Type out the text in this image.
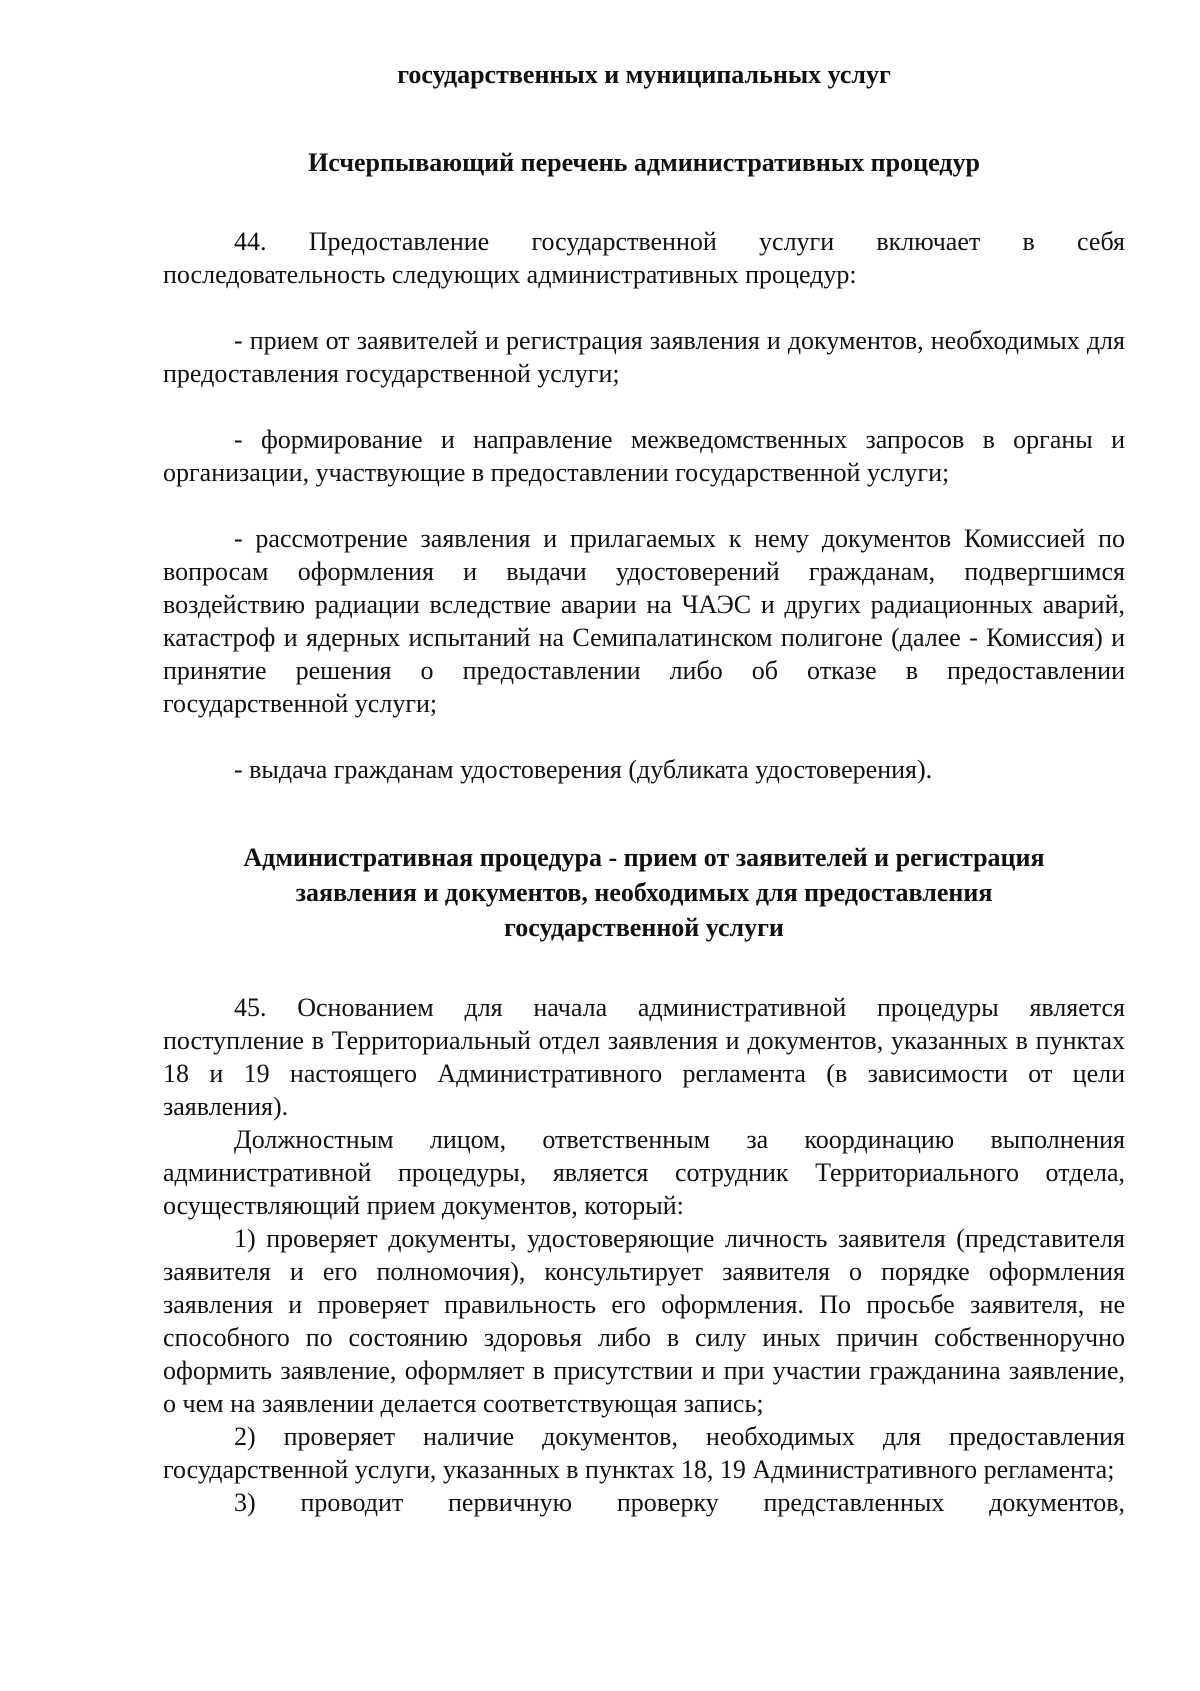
государственных и муниципальных услуг
Исчерпывающий перечень административных процедур

44. Предоставление государственной услуги включает в себя последовательность следующих административных процедур:

- прием от заявителей и регистрация заявления и документов, необходимых для предоставления государственной услуги;

- формирование и направление межведомственных запросов в органы и организации, участвующие в предоставлении государственной услуги;

- рассмотрение заявления и прилагаемых к нему документов Комиссией по вопросам оформления и выдачи удостоверений гражданам, подвергшимся воздействию радиации вследствие аварии на ЧАЭС и других радиационных аварий, катастроф и ядерных испытаний на Семипалатинском полигоне (далее - Комиссия) и принятие решения о предоставлении либо об отказе в предоставлении государственной услуги;

- выдача гражданам удостоверения (дубликата удостоверения).

Административная процедура - прием от заявителей и регистрация
заявления и документов, необходимых для предоставления
государственной услуги

45. Основанием для начала административной процедуры является поступление в Территориальный отдел заявления и документов, указанных в пунктах 18 и 19 настоящего Административного регламента (в зависимости от цели заявления).

Должностным лицом, ответственным за координацию выполнения административной процедуры, является сотрудник Территориального отдела, осуществляющий прием документов, который:

1) проверяет документы, удостоверяющие личность заявителя (представителя заявителя и его полномочия), консультирует заявителя о порядке оформления заявления и проверяет правильность его оформления. По просьбе заявителя, не способного по состоянию здоровья либо в силу иных причин собственноручно оформить заявление, оформляет в присутствии и при участии гражданина заявление, о чем на заявлении делается соответствующая запись;

2) проверяет наличие документов, необходимых для предоставления государственной услуги, указанных в пунктах 18, 19 Административного регламента;

3) проводит первичную проверку представленных документов,
